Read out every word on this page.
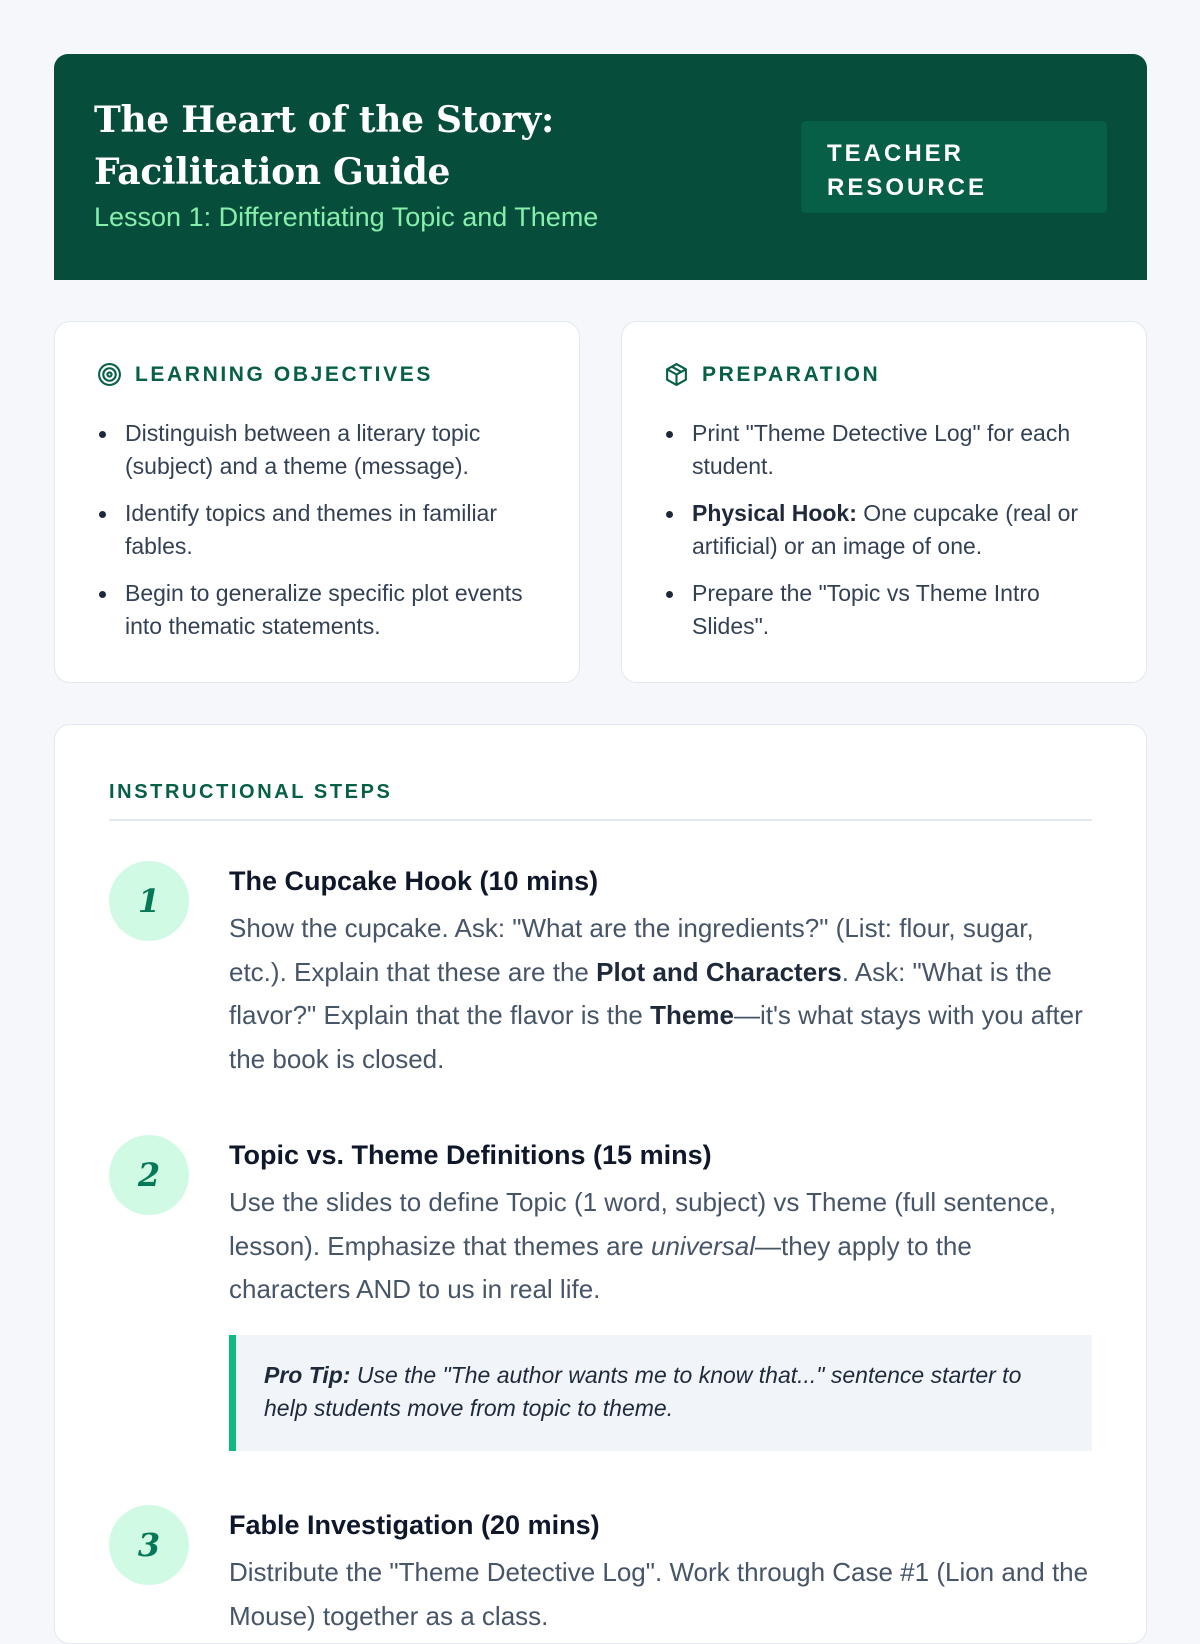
The Heart of the Story: Facilitation Guide
Lesson 1: Differentiating Topic and Theme
TEACHER
RESOURCE
LEARNING OBJECTIVES
Distinguish between a literary topic (subject) and a theme (message).
Identify topics and themes in familiar fables.
Begin to generalize specific plot events into thematic statements.
PREPARATION
Print "Theme Detective Log" for each student.
Physical Hook: One cupcake (real or artificial) or an image of one.
Prepare the "Topic vs Theme Intro Slides".
INSTRUCTIONAL STEPS
1
The Cupcake Hook (10 mins)
Show the cupcake. Ask: "What are the ingredients?" (List: flour, sugar, etc.). Explain that these are the Plot and Characters. Ask: "What is the flavor?" Explain that the flavor is the Theme—it's what stays with you after the book is closed.
2
Topic vs. Theme Definitions (15 mins)
Use the slides to define Topic (1 word, subject) vs Theme (full sentence, lesson). Emphasize that themes are universal—they apply to the characters AND to us in real life.
Pro Tip: Use the "The author wants me to know that..." sentence starter to help students move from topic to theme.
3
Fable Investigation (20 mins)
Distribute the "Theme Detective Log". Work through Case #1 (Lion and the Mouse) together as a class.
